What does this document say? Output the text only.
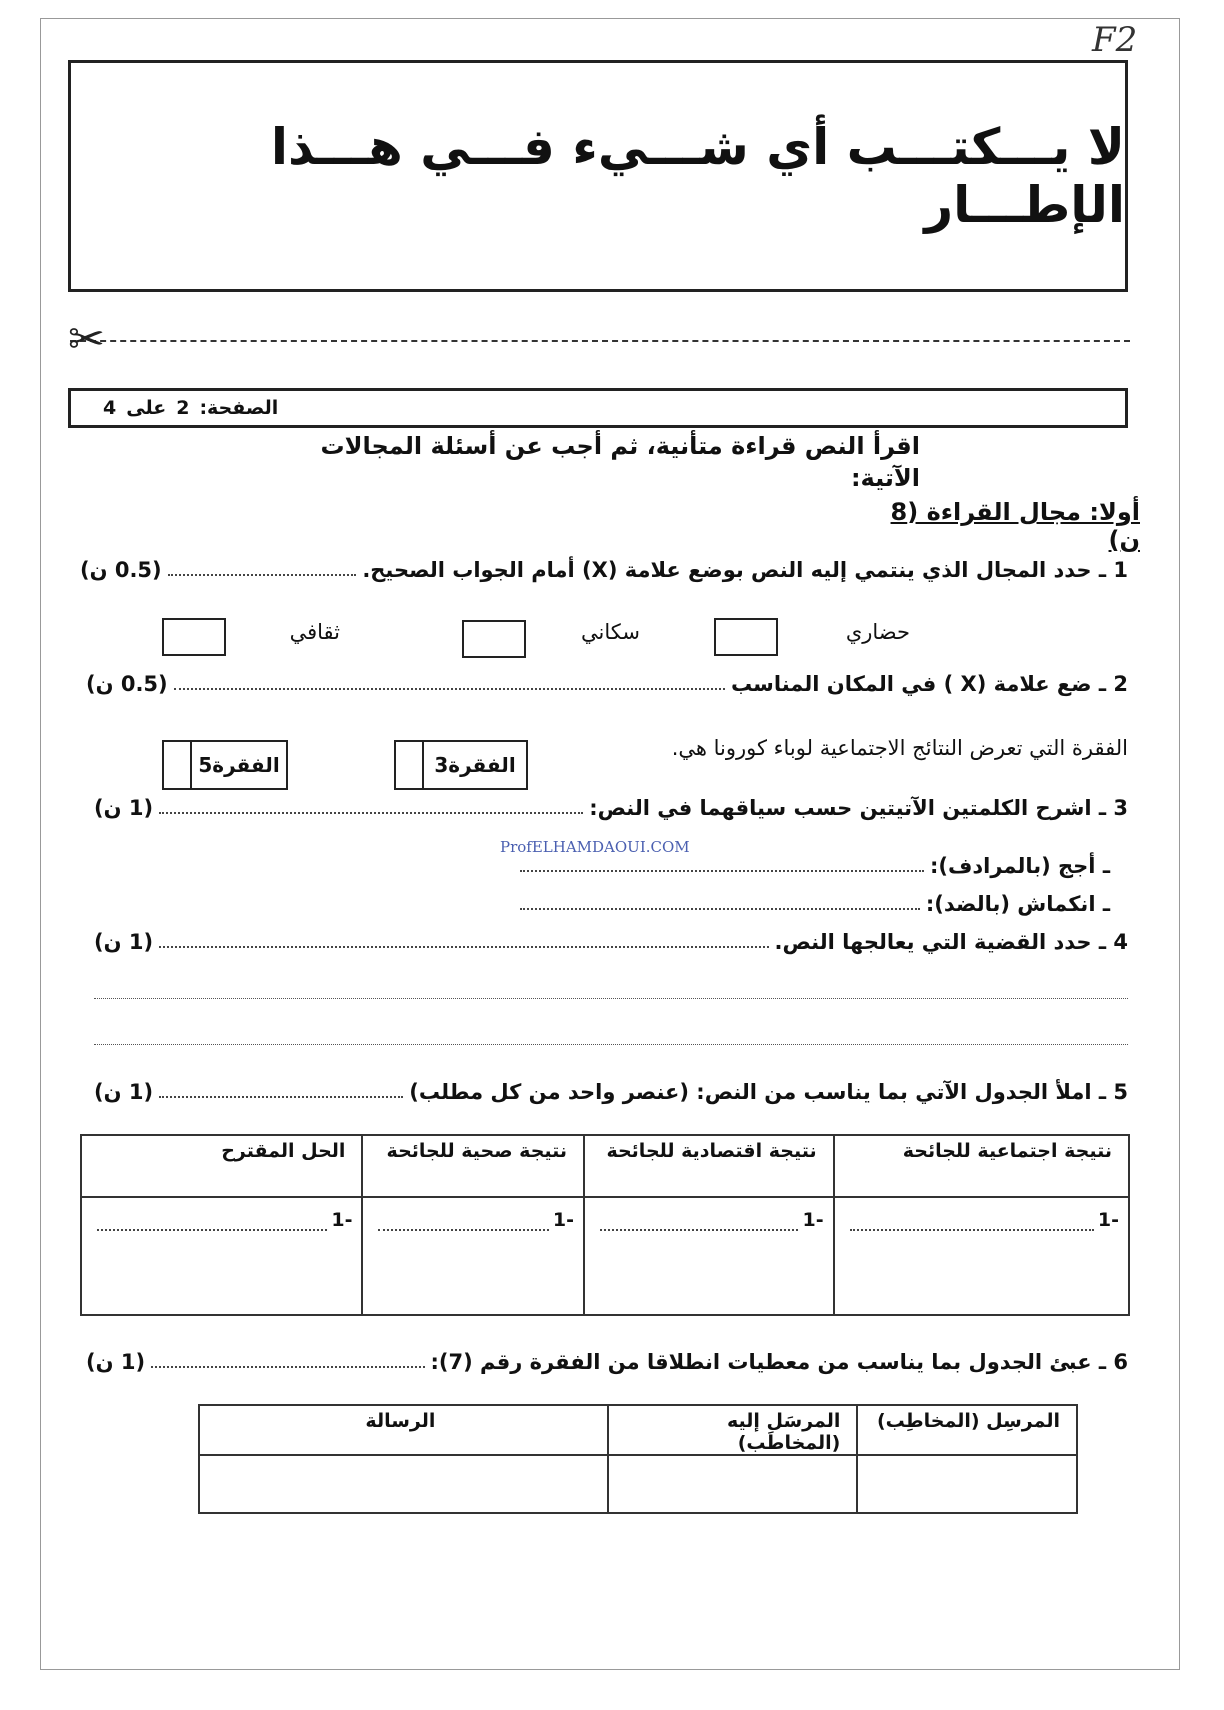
F2
لا يـــكتـــب أي شـــيء فـــي هـــذا الإطـــار
✂
الصفحة:
2
على
4
اقرأ النص قراءة متأنية، ثم أجب عن أسئلة المجالات الآتية:
أولا: مجال القراءة (8 ن)
1 ـ حدد المجال الذي ينتمي إليه النص بوضع علامة (X) أمام الجواب الصحيح.
(0.5 ن)
حضاري
سكاني
ثقافي
2 ـ ضع علامة (X ) في المكان المناسب
(0.5 ن)
الفقرة التي تعرض النتائج الاجتماعية لوباء كورونا هي.
الفقرة3
الفقرة5
3 ـ اشرح الكلمتين الآتيتين حسب سياقهما في النص:
(1 ن)
ProfELHAMDAOUI.COM
ـ أجج (بالمرادف):
ـ انكماش (بالضد):
4 ـ حدد القضية التي يعالجها النص.
(1 ن)
5 ـ املأ الجدول الآتي بما يناسب من النص: (عنصر واحد من كل مطلب)
(1 ن)
نتيجة اجتماعية للجائحة	نتيجة اقتصادية للجائحة	نتيجة صحية للجائحة	الحل المقترح

-1	-1	-1	-1
6 ـ عبئ الجدول بما يناسب من معطيات انطلاقا من الفقرة رقم (7):
(1 ن)
المرسِل (المخاطِب)	المرسَل إليه (المخاطَب)	الرسالة
